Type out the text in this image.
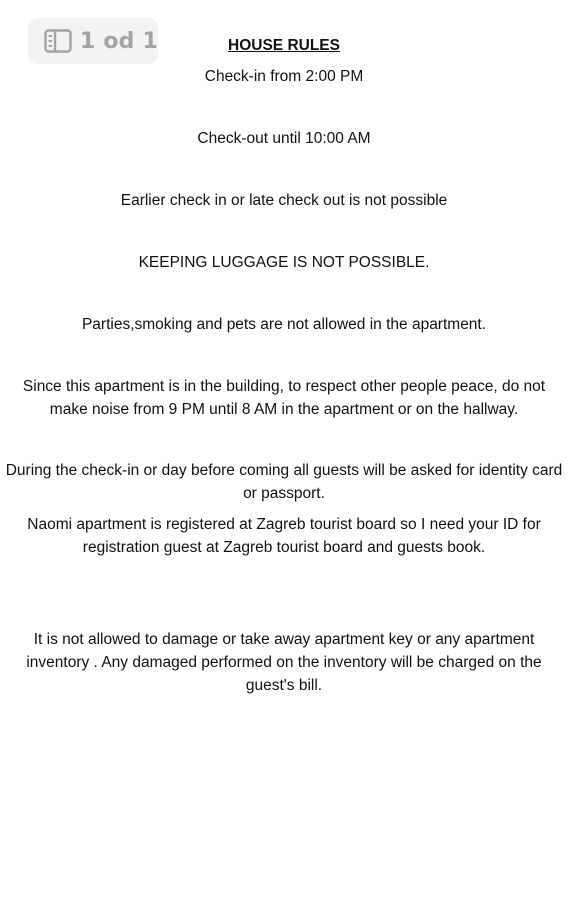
HOUSE RULES

Check-in from 2:00 PM

Check-out until 10:00 AM

Earlier check in or late check out is not possible

KEEPING LUGGAGE IS NOT POSSIBLE.

Parties,smoking and pets are not allowed in the apartment.

Since this apartment is in the building, to respect other people peace, do not make noise from 9 PM until 8 AM in the apartment or on the hallway.

During the check-in or day before coming all guests will be asked for identity card or passport.

Naomi apartment is registered at Zagreb tourist board so I need your ID for registration guest at Zagreb tourist board and guests book.

It is not allowed to damage or take away apartment key or any apartment inventory . Any damaged performed on the inventory will be charged on the guest's bill.

1 od 1
